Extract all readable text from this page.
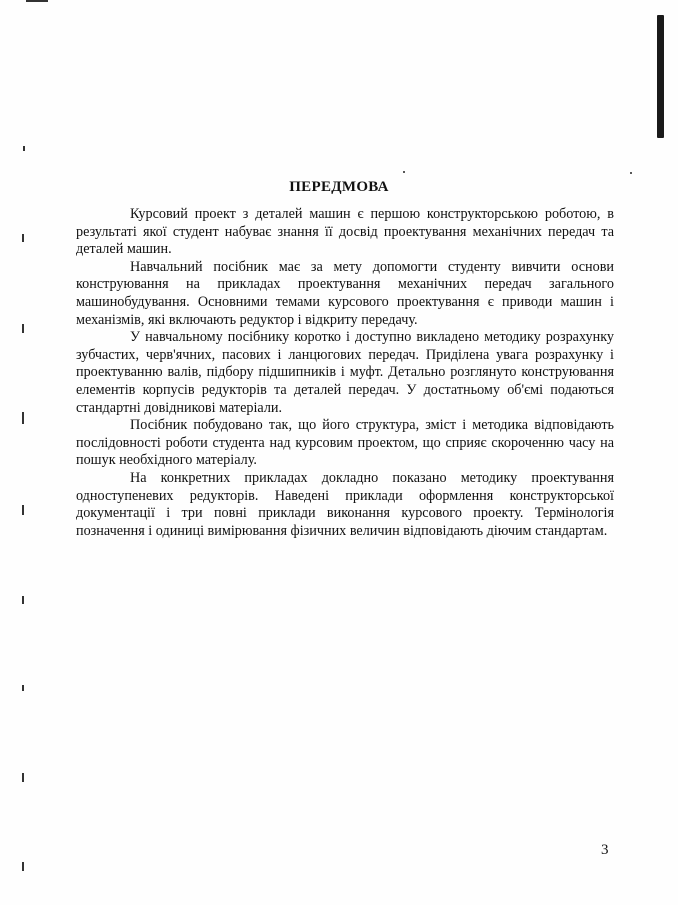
ПЕРЕДМОВА

Курсовий проект з деталей машин є першою конструкторською роботою, в результаті якої студент набуває знання її досвід проектування механічних передач та деталей машин.

Навчальний посібник має за мету допомогти студенту вивчити основи конструювання на прикладах проектування механічних передач загального машинобудування. Основними темами курсового проектування є приводи машин і механізмів, які включають редуктор і відкриту передачу.

У навчальному посібнику коротко і доступно викладено методику розрахунку зубчастих, черв'ячних, пасових і ланцюгових передач. Приділена увага розрахунку і проектуванню валів, підбору підшипників і муфт. Детально розглянуто конструювання елементів корпусів редукторів та деталей передач. У достатньому об'ємі подаються стандартні довідникові матеріали.

Посібник побудовано так, що його структура, зміст і методика відповідають послідовності роботи студента над курсовим проектом, що сприяє скороченню часу на пошук необхідного матеріалу.

На конкретних прикладах докладно показано методику проектування одноступеневих редукторів. Наведені приклади оформлення конструкторської документації і три повні приклади виконання курсового проекту. Термінологія позначення і одиниці вимірювання фізичних величин відповідають діючим стандартам.

3
